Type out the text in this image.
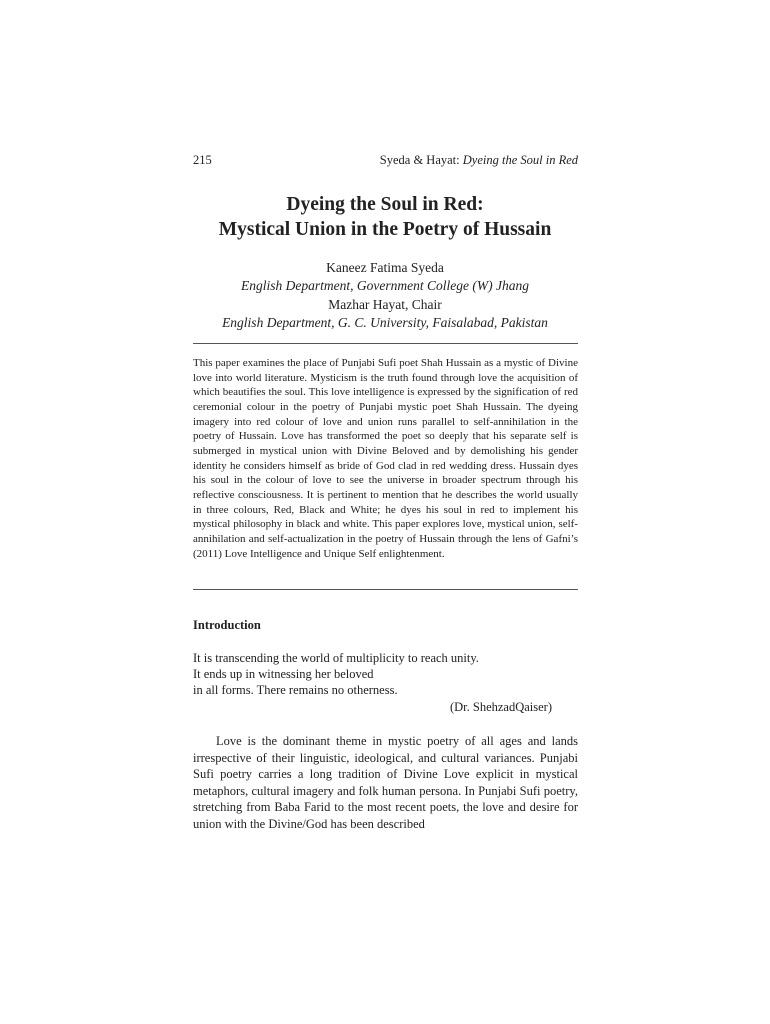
215	Syeda & Hayat: Dyeing the Soul in Red
Dyeing the Soul in Red:
Mystical Union in the Poetry of Hussain
Kaneez Fatima Syeda
English Department, Government College (W) Jhang
Mazhar Hayat, Chair
English Department, G. C. University, Faisalabad, Pakistan

This paper examines the place of Punjabi Sufi poet Shah Hussain as a mystic of Divine love into world literature. Mysticism is the truth found through love the acquisition of which beautifies the soul. This love intelligence is expressed by the signification of red ceremonial colour in the poetry of Punjabi mystic poet Shah Hussain. The dyeing imagery into red colour of love and union runs parallel to self-annihilation in the poetry of Hussain. Love has transformed the poet so deeply that his separate self is submerged in mystical union with Divine Beloved and by demolishing his gender identity he considers himself as bride of God clad in red wedding dress. Hussain dyes his soul in the colour of love to see the universe in broader spectrum through his reflective consciousness. It is pertinent to mention that he describes the world usually in three colours, Red, Black and White; he dyes his soul in red to implement his mystical philosophy in black and white. This paper explores love, mystical union, self-annihilation and self-actualization in the poetry of Hussain through the lens of Gafni’s (2011) Love Intelligence and Unique Self enlightenment.

Introduction
It is transcending the world of multiplicity to reach unity.
It ends up in witnessing her beloved
in all forms. There remains no otherness.
(Dr. ShehzadQaiser)

Love is the dominant theme in mystic poetry of all ages and lands irrespective of their linguistic, ideological, and cultural variances. Punjabi Sufi poetry carries a long tradition of Divine Love explicit in mystical metaphors, cultural imagery and folk human persona. In Punjabi Sufi poetry, stretching from Baba Farid to the most recent poets, the love and desire for union with the Divine/God has been described
